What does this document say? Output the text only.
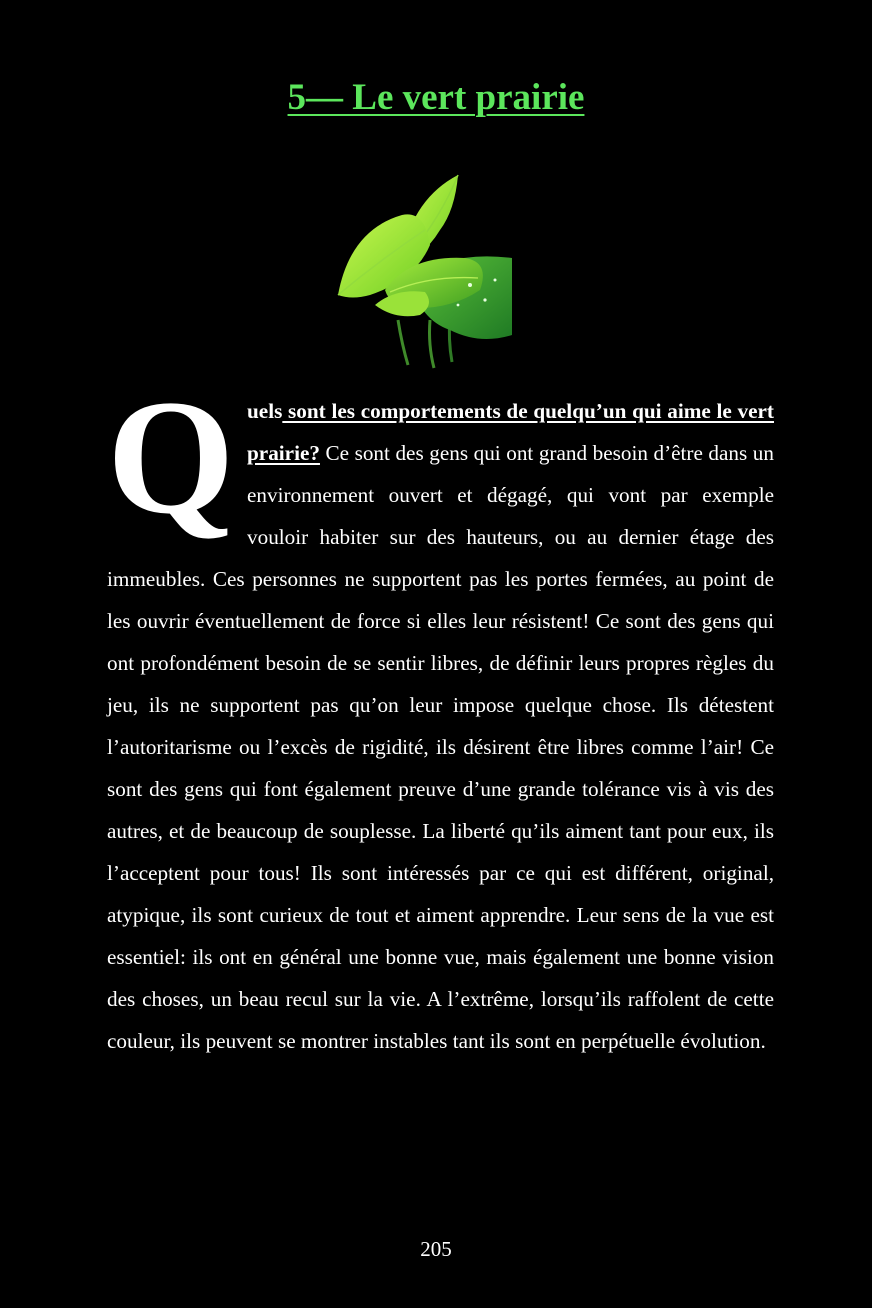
5— Le vert prairie
Quels sont les comportements de quelqu’un qui aime le vert prairie? Ce sont des gens qui ont grand besoin d’être dans un environnement ouvert et dégagé, qui vont par exemple vouloir habiter sur des hauteurs, ou au dernier étage des immeubles. Ces personnes ne supportent pas les portes fermées, au point de les ouvrir éventuellement de force si elles leur résistent! Ce sont des gens qui ont profondément besoin de se sentir libres, de définir leurs propres règles du jeu, ils ne supportent pas qu’on leur impose quelque chose. Ils détestent l’autoritarisme ou l’excès de rigidité, ils désirent être libres comme l’air! Ce sont des gens qui font également preuve d’une grande tolérance vis à vis des autres, et de beaucoup de souplesse. La liberté qu’ils aiment tant pour eux, ils l’acceptent pour tous! Ils sont intéressés par ce qui est différent, original, atypique, ils sont curieux de tout et aiment apprendre. Leur sens de la vue est essentiel: ils ont en général une bonne vue, mais également une bonne vision des choses, un beau recul sur la vie. A l’extrême, lorsqu’ils raffolent de cette couleur, ils peuvent se montrer instables tant ils sont en perpétuelle évolution.
205
